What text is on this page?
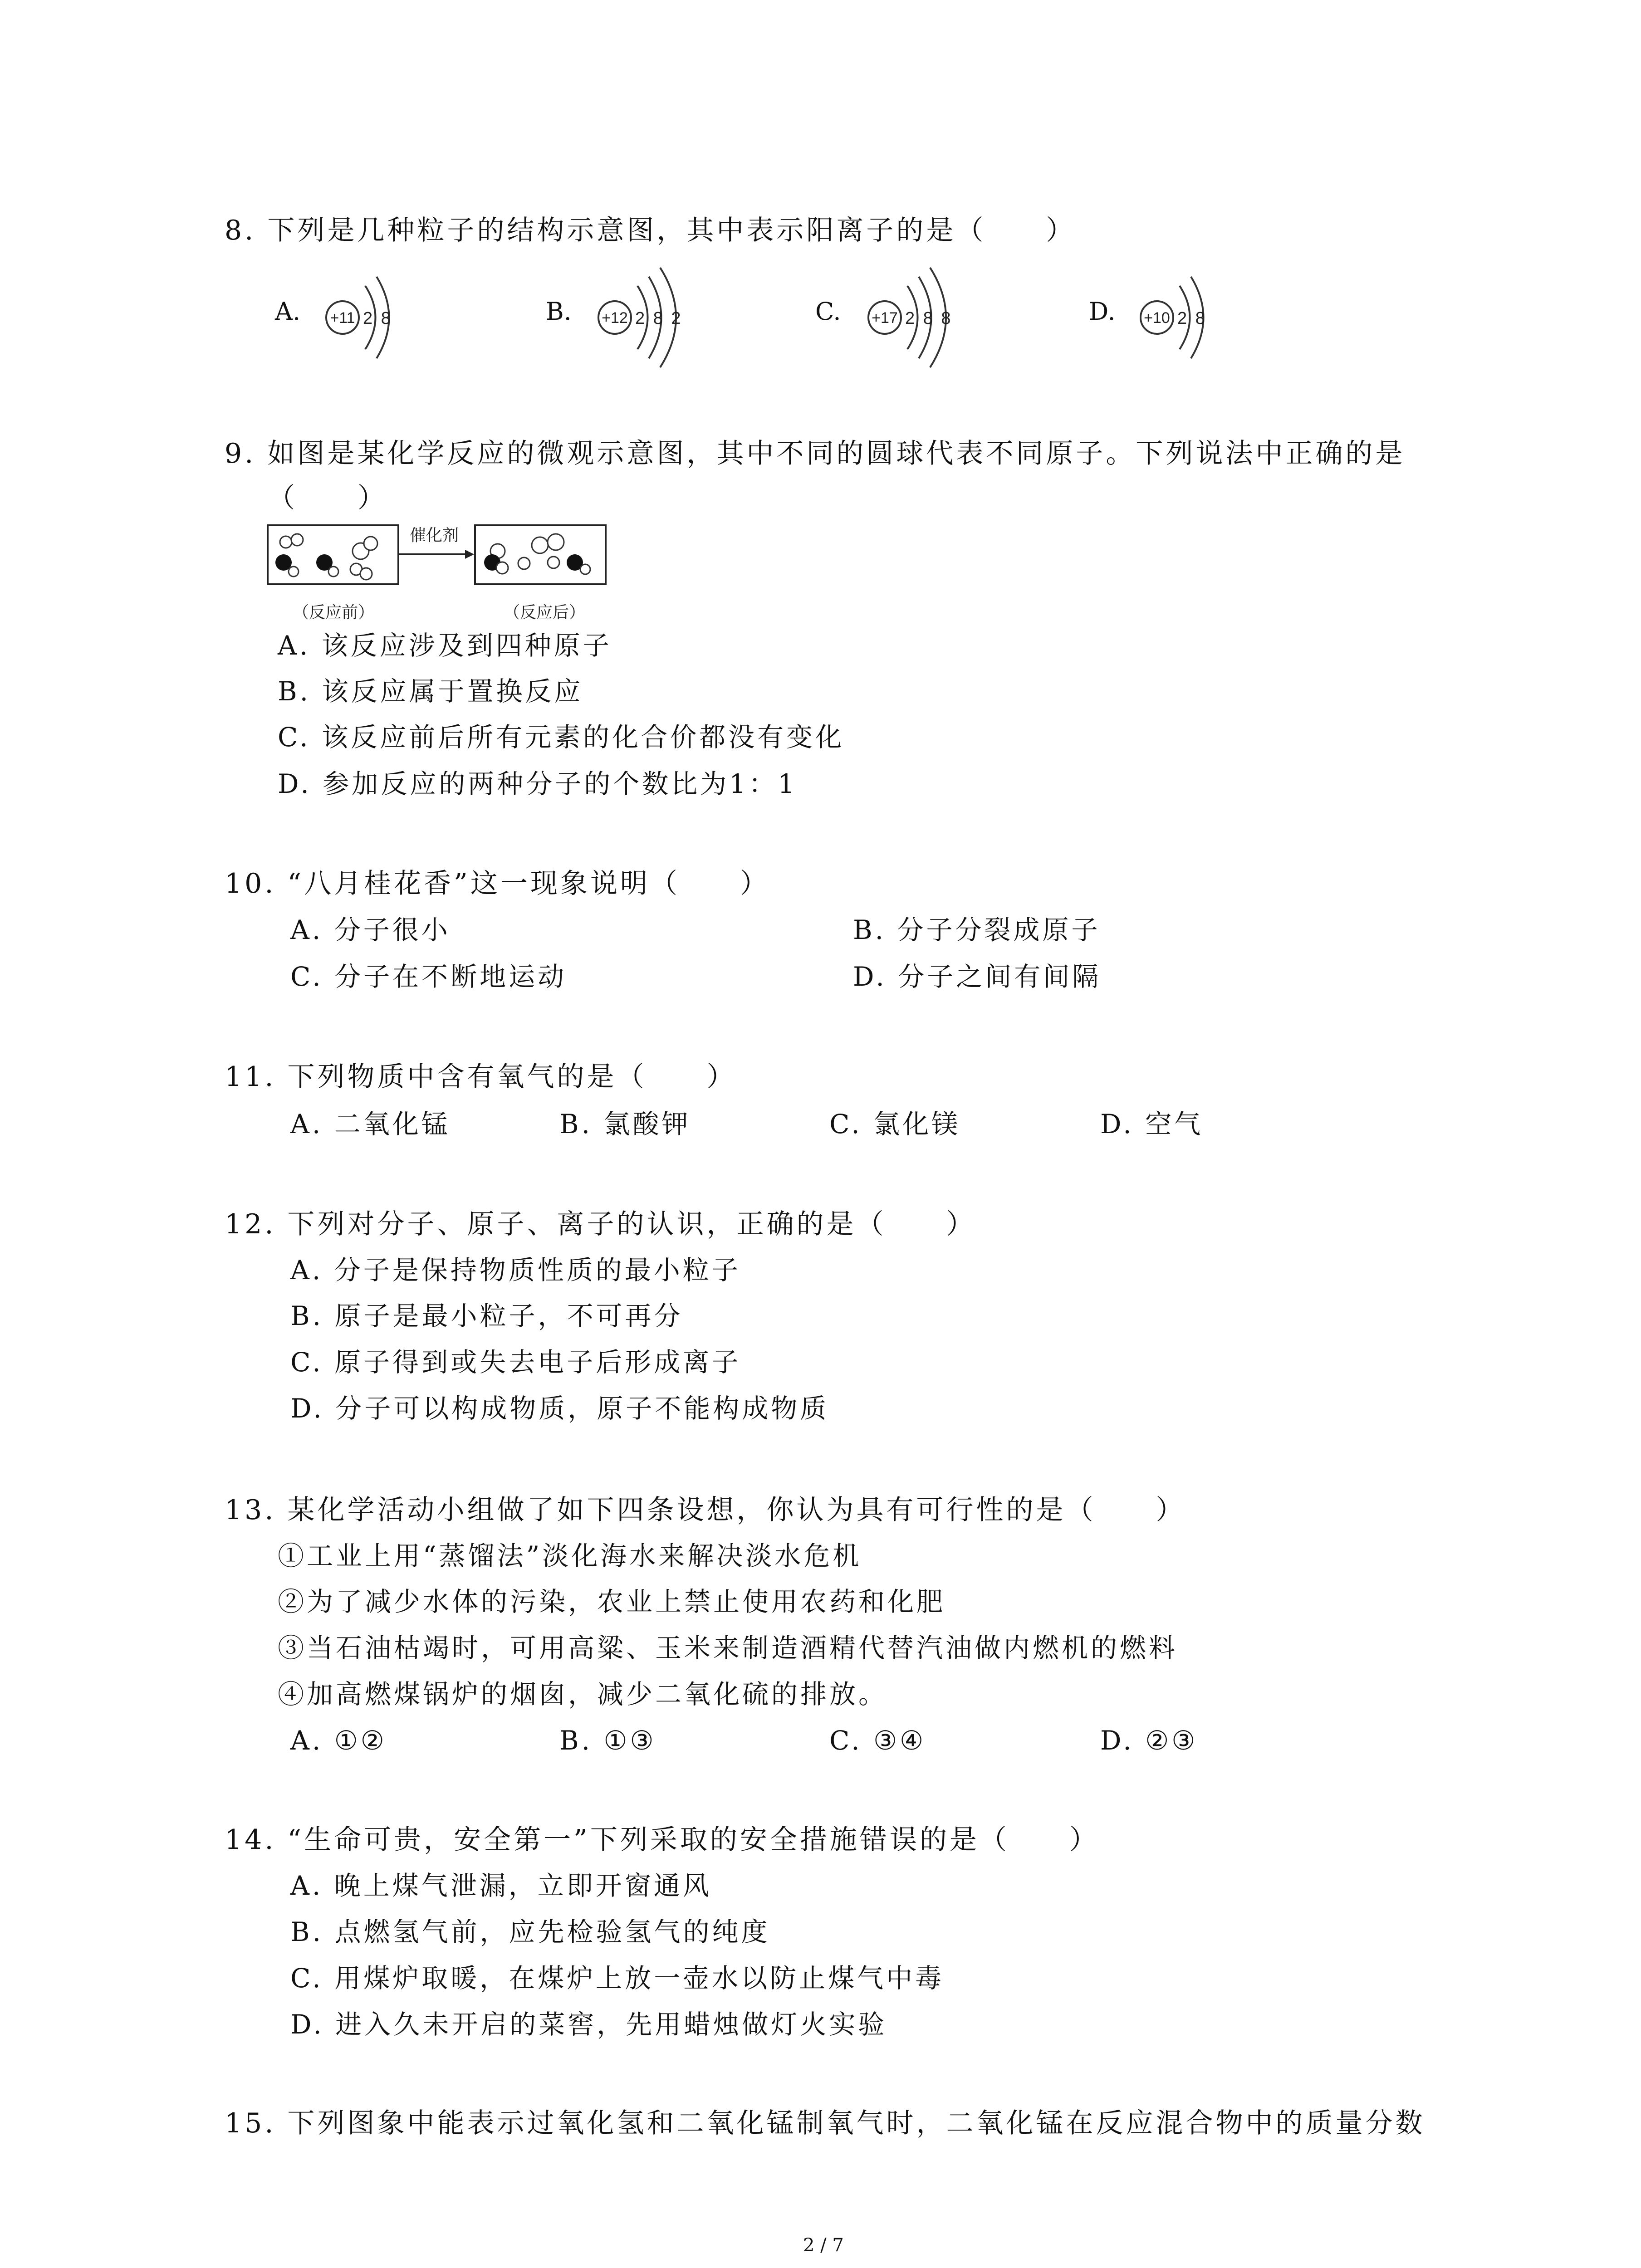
8. 下列是几种粒子的结构示意图，其中表示阳离子的是（　　）
A. +11 2 8	B. +12 2 8 2	C. +17 2 8 8	D. +10 2 8
9. 如图是某化学反应的微观示意图，其中不同的圆球代表不同原子。下列说法中正确的是
（　　）
催化剂
（反应前）	（反应后）
A. 该反应涉及到四种原子
B. 该反应属于置换反应
C. 该反应前后所有元素的化合价都没有变化
D. 参加反应的两种分子的个数比为1：1
10. “八月桂花香”这一现象说明（　　）
A. 分子很小	B. 分子分裂成原子
C. 分子在不断地运动	D. 分子之间有间隔
11. 下列物质中含有氧气的是（　　）
A. 二氧化锰	B. 氯酸钾	C. 氯化镁	D. 空气
12. 下列对分子、原子、离子的认识，正确的是（　　）
A. 分子是保持物质性质的最小粒子
B. 原子是最小粒子，不可再分
C. 原子得到或失去电子后形成离子
D. 分子可以构成物质，原子不能构成物质
13. 某化学活动小组做了如下四条设想，你认为具有可行性的是（　　）
①工业上用“蒸馏法”淡化海水来解决淡水危机
②为了减少水体的污染，农业上禁止使用农药和化肥
③当石油枯竭时，可用高粱、玉米来制造酒精代替汽油做内燃机的燃料
④加高燃煤锅炉的烟囱，减少二氧化硫的排放。
A. ①②	B. ①③	C. ③④	D. ②③
14. “生命可贵，安全第一”下列采取的安全措施错误的是（　　）
A. 晚上煤气泄漏，立即开窗通风
B. 点燃氢气前，应先检验氢气的纯度
C. 用煤炉取暖，在煤炉上放一壶水以防止煤气中毒
D. 进入久未开启的菜窖，先用蜡烛做灯火实验
15. 下列图象中能表示过氧化氢和二氧化锰制氧气时，二氧化锰在反应混合物中的质量分数
2 / 7
